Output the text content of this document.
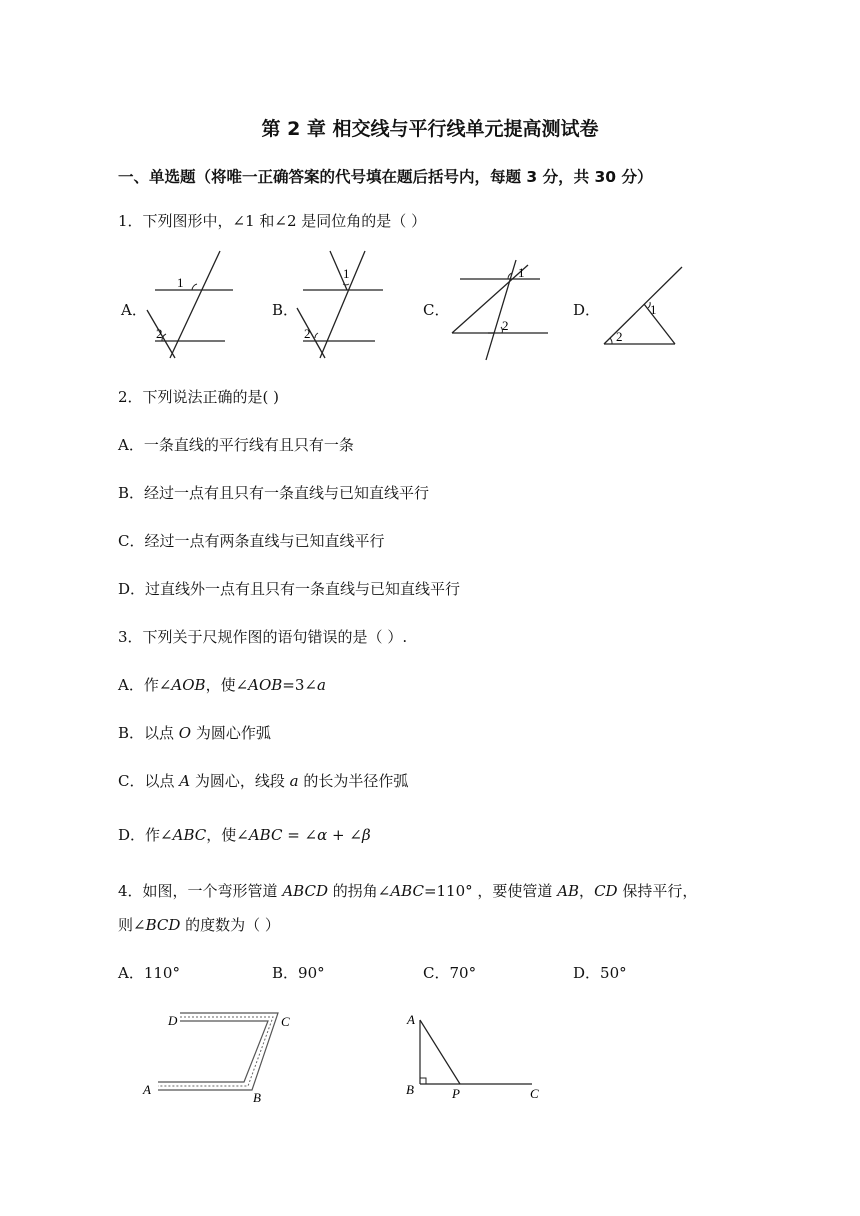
第 2 章 相交线与平行线单元提高测试卷
一、单选题（将唯一正确答案的代号填在题后括号内，每题 3 分，共 30 分）
1．下列图形中，∠1 和∠2 是同位角的是（ ）
A．
1
2
B．
1
2
C．
1
2
D．	1
2
2．下列说法正确的是( )
A．一条直线的平行线有且只有一条
B．经过一点有且只有一条直线与已知直线平行
C．经过一点有两条直线与已知直线平行
D．过直线外一点有且只有一条直线与已知直线平行
3．下列关于尺规作图的语句错误的是（ ）.
A．作∠AOB，使∠AOB=3∠a
B．以点 O 为圆心作弧
C．以点 A 为圆心，线段 a 的长为半径作弧
D．作∠ABC，使∠ABC = ∠α + ∠β
4．如图，一个弯形管道 ABCD 的拐角∠ABC=110° ，要使管道 AB，CD 保持平行，
则∠BCD 的度数为（ ）
A．110°	B．90°	C．70°	D．50°
D	C
A
B
A
B	P	C
